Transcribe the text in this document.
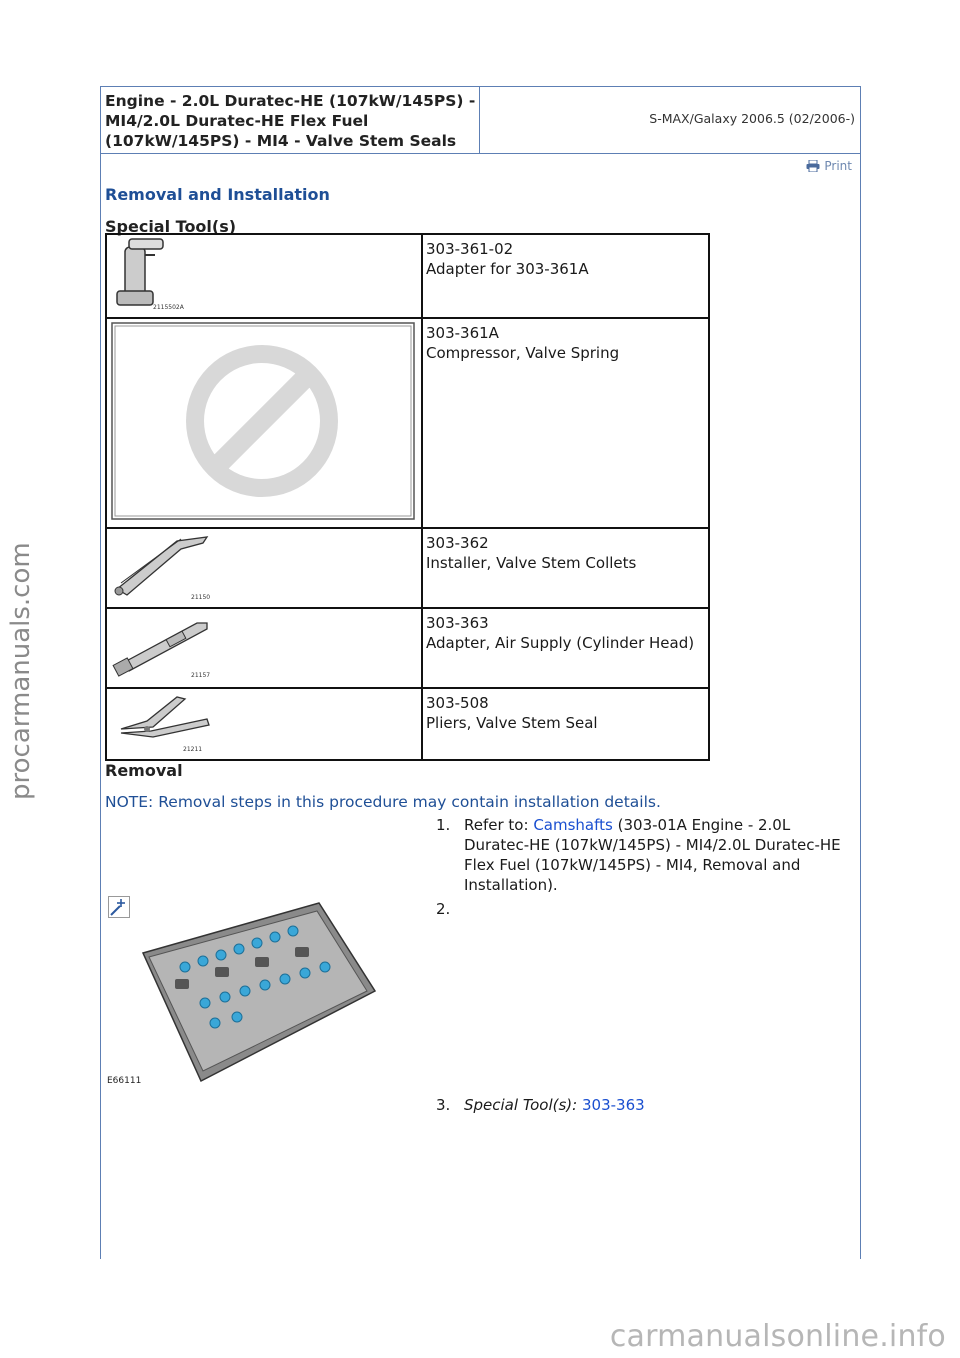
procarmanuals.com
Engine - 2.0L Duratec-HE (107kW/145PS) - MI4/2.0L Duratec-HE Flex Fuel (107kW/145PS) - MI4 - Valve Stem Seals
S-MAX/Galaxy 2006.5 (02/2006-)
Print
Removal and Installation
Special Tool(s)
2115502A	303-361-02
Adapter for 303-361A

303-361A
Compressor, Valve Spring

21150	303-362
Installer, Valve Stem Collets

21157	303-363
Adapter, Air Supply (Cylinder Head)

21211	303-508
Pliers, Valve Stem Seal
Removal
NOTE: Removal steps in this procedure may contain installation details.
1. Refer to: Camshafts (303-01A Engine - 2.0L Duratec-HE (107kW/145PS) - MI4/2.0L Duratec-HE Flex Fuel (107kW/145PS) - MI4, Removal and Installation).
2.
E66111
3. Special Tool(s): 303-363
carmanualsonline.info
